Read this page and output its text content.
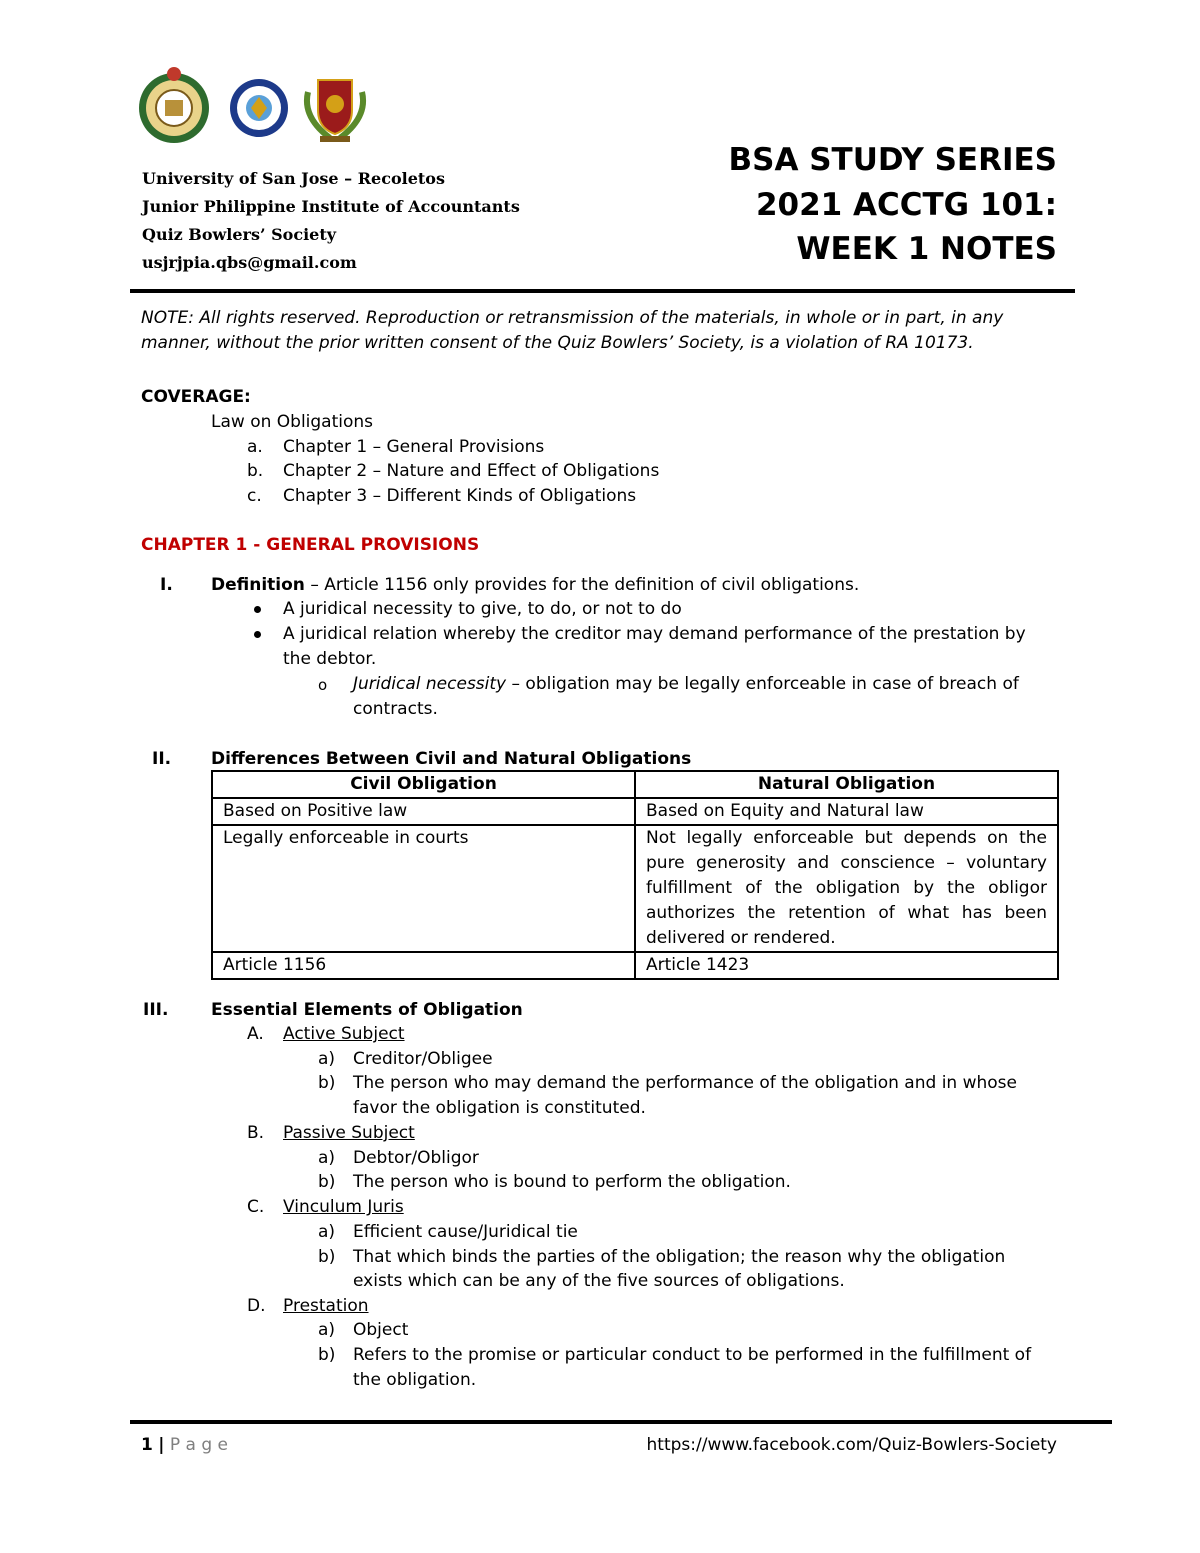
University of San Jose – Recoletos
Junior Philippine Institute of Accountants
Quiz Bowlers’ Society
usjrjpia.qbs@gmail.com
BSA STUDY SERIES
2021 ACCTG 101:
WEEK 1 NOTES
NOTE: All rights reserved. Reproduction or retransmission of the materials, in whole or in part, in any
manner, without the prior written consent of the Quiz Bowlers’ Society, is a violation of RA 10173.
COVERAGE:
Law on Obligations
a. Chapter 1 – General Provisions
b. Chapter 2 – Nature and Effect of Obligations
c. Chapter 3 – Different Kinds of Obligations
CHAPTER 1 - GENERAL PROVISIONS
I. Definition – Article 1156 only provides for the definition of civil obligations.
A juridical necessity to give, to do, or not to do
A juridical relation whereby the creditor may demand performance of the prestation by
the debtor.
o Juridical necessity – obligation may be legally enforceable in case of breach of
contracts.
II. Differences Between Civil and Natural Obligations
Civil Obligation	Natural Obligation
Based on Positive law	Based on Equity and Natural law
Legally enforceable in courts	Not legally enforceable but depends on the pure generosity and conscience – voluntary fulfillment of the obligation by the obligor authorizes the retention of what has been delivered or rendered.
Article 1156	Article 1423
III.	Essential Elements of Obligation
A. Active Subject
a) Creditor/Obligee
b) The person who may demand the performance of the obligation and in whose
favor the obligation is constituted.
B. Passive Subject
a) Debtor/Obligor
b) The person who is bound to perform the obligation.
C. Vinculum Juris
a) Efficient cause/Juridical tie
b) That which binds the parties of the obligation; the reason why the obligation
exists which can be any of the five sources of obligations.
D. Prestation
a) Object
b) Refers to the promise or particular conduct to be performed in the fulfillment of
the obligation.
1 | P a g e	https://www.facebook.com/Quiz-Bowlers-Society
